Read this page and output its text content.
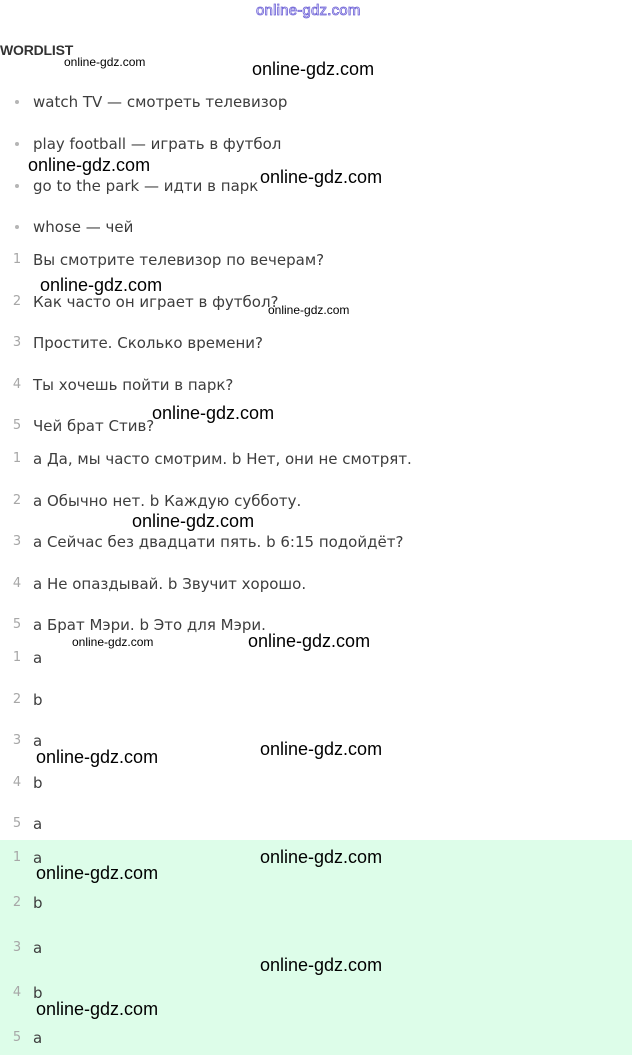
online-gdz.com
WORDLIST
watch TV — смотреть телевизор
play football — играть в футбол
go to the park — идти в парк
whose — чей
1 Вы смотрите телевизор по вечерам?
2 Как часто он играет в футбол?
3 Простите. Сколько времени?
4 Ты хочешь пойти в парк?
5 Чей брат Стив?
1 a Да, мы часто смотрим. b Нет, они не смотрят.
2 a Обычно нет. b Каждую субботу.
3 a Сейчас без двадцати пять. b 6:15 подойдёт?
4 a Не опаздывай. b Звучит хорошо.
5 a Брат Мэри. b Это для Мэри.
1 a
2 b
3 a
4 b
5 a
1 a
2 b
3 a
4 b
5 a
online-gdz.com	online-gdz.com
online-gdz.com
online-gdz.com
online-gdz.com
online-gdz.com
online-gdz.com
online-gdz.com
online-gdz.com	online-gdz.com
online-gdz.com
online-gdz.com
online-gdz.com
online-gdz.com
online-gdz.com
online-gdz.com
